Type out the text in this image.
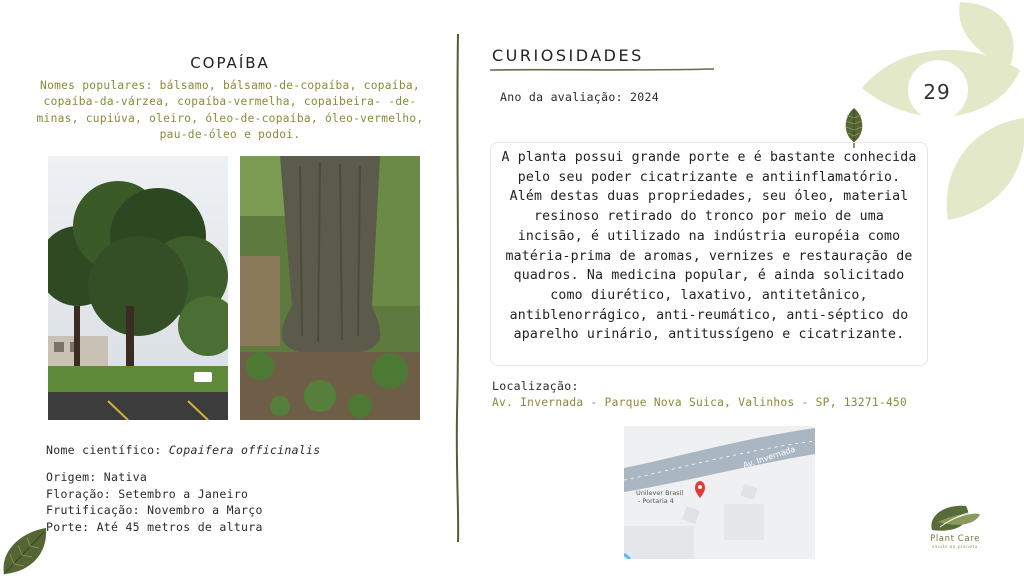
29
COPAÍBA
Nomes populares: bálsamo, bálsamo-de-copaíba, copaíba, copaíba-da-várzea, copaíba-vermelha, copaibeira- -de-minas, cupiúva, oleiro, óleo-de-copaíba, óleo-vermelho, pau-de-óleo e podoi.
Nome científico: Copaifera officinalis
Origem: Nativa
Floração: Setembro a Janeiro
Frutificação: Novembro a Março
Porte: Até 45 metros de altura
CURIOSIDADES
Ano da avaliação: 2024
A planta possui grande porte e é bastante conhecida pelo seu poder cicatrizante e antiinflamatório. Além destas duas propriedades, seu óleo, material resinoso retirado do tronco por meio de uma incisão, é utilizado na indústria européia como matéria-prima de aromas, vernizes e restauração de quadros. Na medicina popular, é ainda solicitado como diurético, laxativo, antitetânico, antiblenorrágico, anti-reumático, anti-séptico do aparelho urinário, antitussígeno e cicatrizante.
Localização:
Av. Invernada - Parque Nova Suica, Valinhos - SP, 13271-450
Av. Invernada
Unilever Brasil
- Portaria 4
Plant Care
saúde ao planeta
